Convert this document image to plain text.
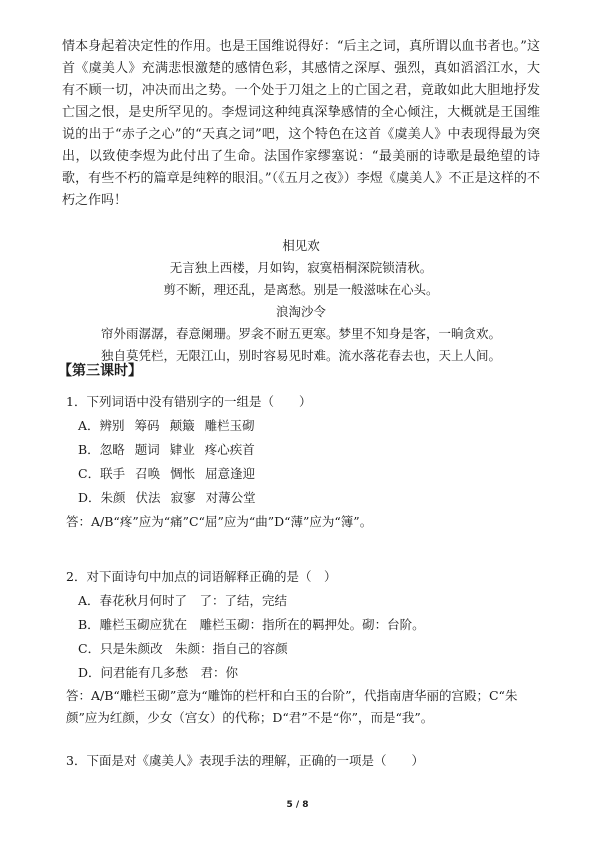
情本身起着决定性的作用。也是王国维说得好：“后主之词，真所谓以血书者也。”这首《虞美人》充满悲恨激楚的感情色彩，其感情之深厚、强烈，真如滔滔江水，大有不顾一切，冲决而出之势。一个处于刀俎之上的亡国之君，竟敢如此大胆地抒发亡国之恨，是史所罕见的。李煜词这种纯真深挚感情的全心倾注，大概就是王国维说的出于“赤子之心”的“天真之词”吧，这个特色在这首《虞美人》中表现得最为突出，以致使李煜为此付出了生命。法国作家缪塞说：“最美丽的诗歌是最绝望的诗歌，有些不朽的篇章是纯粹的眼泪。”（《五月之夜》）李煜《虞美人》不正是这样的不朽之作吗！

相见欢
无言独上西楼，月如钩，寂寞梧桐深院锁清秋。
剪不断，理还乱，是离愁。别是一般滋味在心头。
浪淘沙令
帘外雨潺潺，春意阑珊。罗衾不耐五更寒。梦里不知身是客，一晌贪欢。
独自莫凭栏，无限江山，别时容易见时难。流水落花春去也，天上人间。
【第三课时】
1．下列词语中没有错别字的一组是（　　）
A．辨别 筹码 颠簸 雕栏玉砌
B．忽略 题词 肄业 疼心疾首
C．联手 召唤 惆怅 屈意逢迎
D．朱颜 伏法 寂寥 对薄公堂
答：A/B“疼”应为“痛”C“屈”应为“曲”D“薄”应为“簿”。
2．对下面诗句中加点的词语解释正确的是（　）
A．春花秋月何时了　了：了结，完结
B．雕栏玉砌应犹在　雕栏玉砌：指所在的羁押处。砌：台阶。
C．只是朱颜改　朱颜：指自己的容颜
D．问君能有几多愁　君：你
答：A/B“雕栏玉砌”意为“雕饰的栏杆和白玉的台阶”，代指南唐华丽的宫殿；C“朱颜”应为红颜，少女（宫女）的代称；D“君”不是“你”，而是“我”。
3．下面是对《虞美人》表现手法的理解，正确的一项是（　　）
5 / 8
